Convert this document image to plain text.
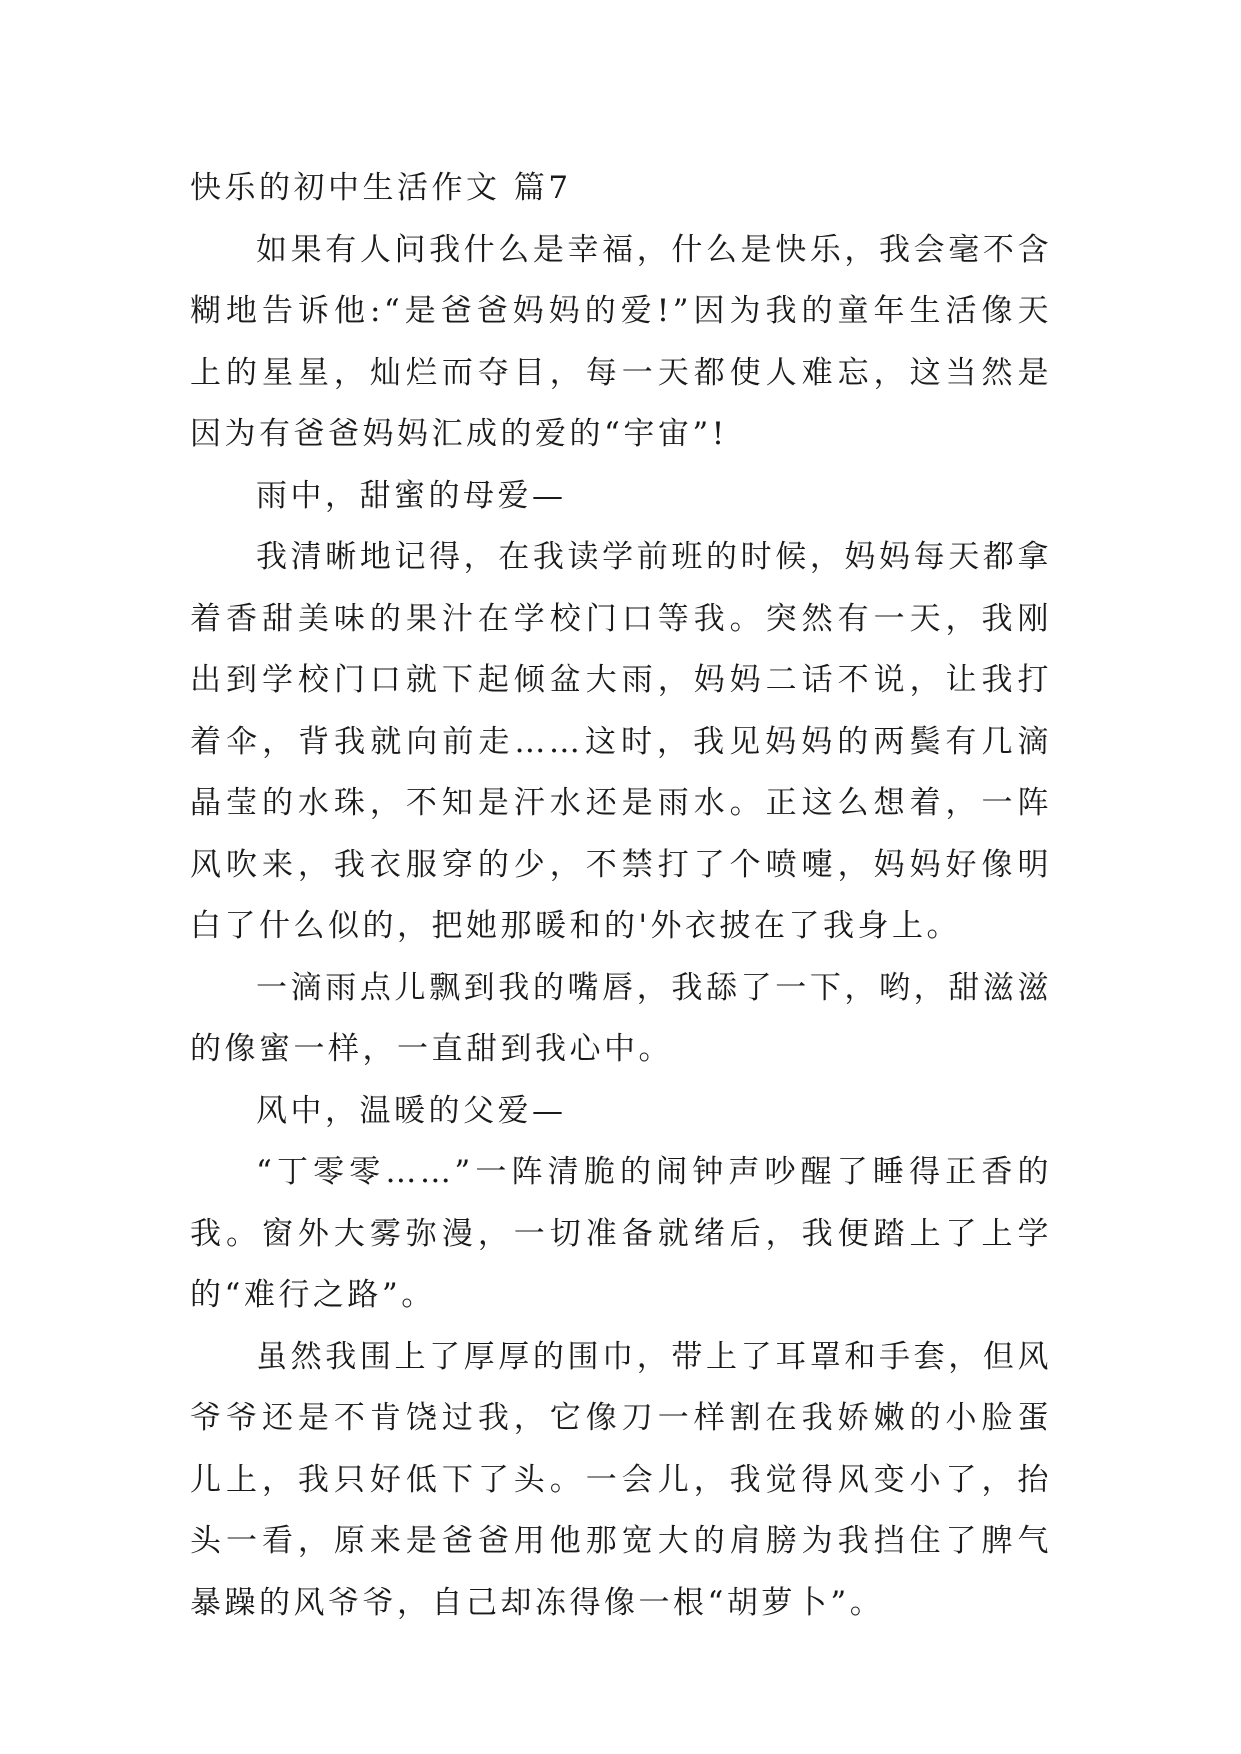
快乐的初中生活作文 篇7

如果有人问我什么是幸福，什么是快乐，我会毫不含糊地告诉他:“是爸爸妈妈的爱!”因为我的童年生活像天上的星星，灿烂而夺目，每一天都使人难忘，这当然是因为有爸爸妈妈汇成的爱的“宇宙”!

雨中，甜蜜的母爱—

我清晰地记得，在我读学前班的时候，妈妈每天都拿着香甜美味的果汁在学校门口等我。突然有一天，我刚出到学校门口就下起倾盆大雨，妈妈二话不说，让我打着伞，背我就向前走……这时，我见妈妈的两鬓有几滴晶莹的水珠，不知是汗水还是雨水。正这么想着，一阵风吹来，我衣服穿的少，不禁打了个喷嚏，妈妈好像明白了什么似的，把她那暖和的'外衣披在了我身上。

一滴雨点儿飘到我的嘴唇，我舔了一下，哟，甜滋滋的像蜜一样，一直甜到我心中。

风中，温暖的父爱—

“丁零零……”一阵清脆的闹钟声吵醒了睡得正香的我。窗外大雾弥漫，一切准备就绪后，我便踏上了上学的“难行之路”。

虽然我围上了厚厚的围巾，带上了耳罩和手套，但风爷爷还是不肯饶过我，它像刀一样割在我娇嫩的小脸蛋儿上，我只好低下了头。一会儿，我觉得风变小了，抬头一看，原来是爸爸用他那宽大的肩膀为我挡住了脾气暴躁的风爷爷，自己却冻得像一根“胡萝卜”。
